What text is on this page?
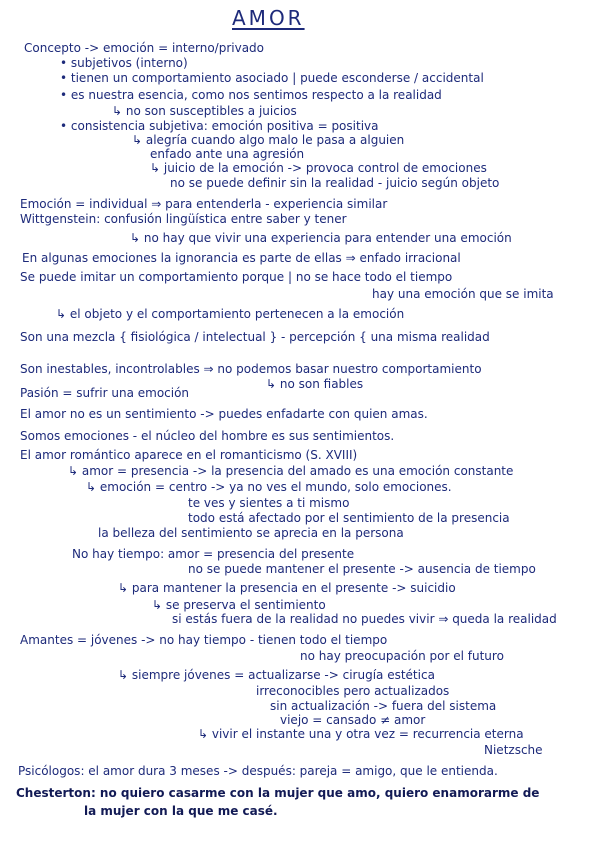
AMOR
Concepto -> emoción = interno/privado
• subjetivos (interno)
• tienen un comportamiento asociado | puede esconderse / accidental
• es nuestra esencia, como nos sentimos respecto a la realidad
↳ no son susceptibles a juicios
• consistencia subjetiva: emoción positiva = positiva
↳ alegría cuando algo malo le pasa a alguien
enfado ante una agresión
↳ juicio de la emoción -> provoca control de emociones
no se puede definir sin la realidad - juicio según objeto
Emoción = individual ⇒ para entenderla - experiencia similar
Wittgenstein: confusión lingüística entre saber y tener
↳ no hay que vivir una experiencia para entender una emoción
En algunas emociones la ignorancia es parte de ellas ⇒ enfado irracional
Se puede imitar un comportamiento porque | no se hace todo el tiempo
hay una emoción que se imita
↳ el objeto y el comportamiento pertenecen a la emoción
Son una mezcla { fisiológica / intelectual } - percepción { una misma realidad
Son inestables, incontrolables ⇒ no podemos basar nuestro comportamiento
↳ no son fiables
Pasión = sufrir una emoción
El amor no es un sentimiento -> puedes enfadarte con quien amas.
Somos emociones - el núcleo del hombre es sus sentimientos.
El amor romántico aparece en el romanticismo (S. XVIII)
↳ amor = presencia -> la presencia del amado es una emoción constante
↳ emoción = centro -> ya no ves el mundo, solo emociones.
te ves y sientes a ti mismo
todo está afectado por el sentimiento de la presencia
la belleza del sentimiento se aprecia en la persona
No hay tiempo: amor = presencia del presente
no se puede mantener el presente -> ausencia de tiempo
↳ para mantener la presencia en el presente -> suicidio
↳ se preserva el sentimiento
si estás fuera de la realidad no puedes vivir ⇒ queda la realidad
Amantes = jóvenes -> no hay tiempo - tienen todo el tiempo
no hay preocupación por el futuro
↳ siempre jóvenes = actualizarse -> cirugía estética
irreconocibles pero actualizados
sin actualización -> fuera del sistema
viejo = cansado ≠ amor
↳ vivir el instante una y otra vez = recurrencia eterna
Nietzsche
Psicólogos: el amor dura 3 meses -> después: pareja = amigo, que le entienda.
Chesterton: no quiero casarme con la mujer que amo, quiero enamorarme de
la mujer con la que me casé.
